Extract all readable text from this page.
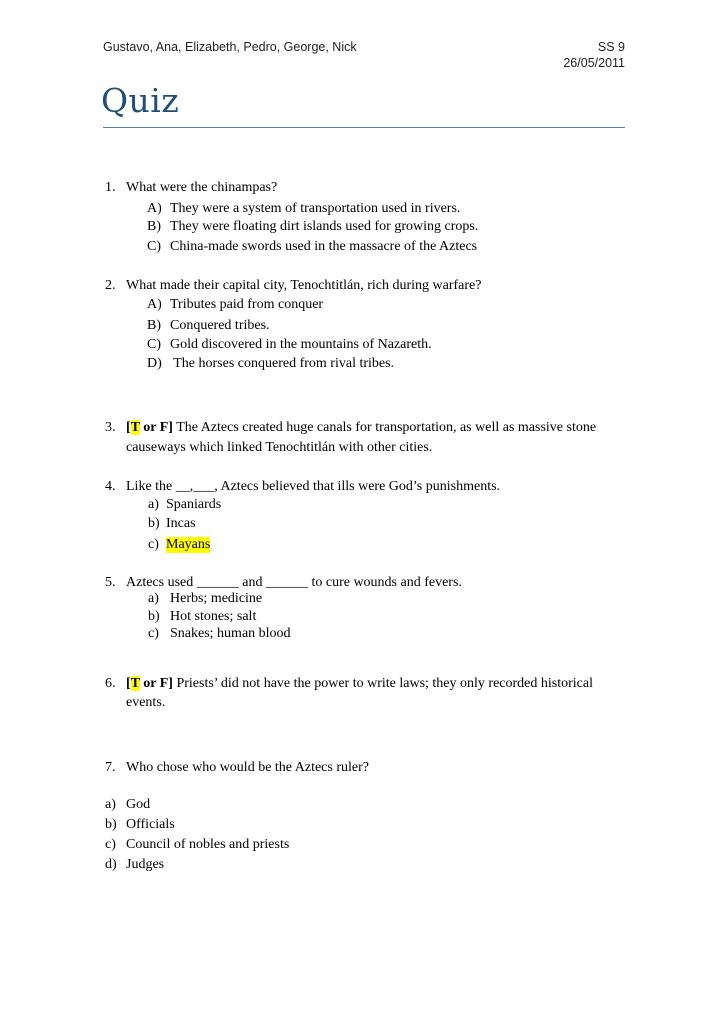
Gustavo, Ana, Elizabeth, Pedro, George, Nick	SS 9
26/05/2011
Quiz
1. What were the chinampas?
A) They were a system of transportation used in rivers.
B) They were floating dirt islands used for growing crops.
C) China-made swords used in the massacre of the Aztecs
2. What made their capital city, Tenochtitlán, rich during warfare?
A) Tributes paid from conquer
B) Conquered tribes.
C) Gold discovered in the mountains of Nazareth.
D) The horses conquered from rival tribes.
3. [T or F] The Aztecs created huge canals for transportation, as well as massive stone
causeways which linked Tenochtitlán with other cities.
4. Like the __,___, Aztecs believed that ills were God’s punishments.
a) Spaniards
b) Incas
c) Mayans
5. Aztecs used ______ and ______ to cure wounds and fevers.
a) Herbs; medicine
b) Hot stones; salt
c) Snakes; human blood
6. [T or F] Priests’ did not have the power to write laws; they only recorded historical
events.
7. Who chose who would be the Aztecs ruler?
a) God
b) Officials
c) Council of nobles and priests
d) Judges
